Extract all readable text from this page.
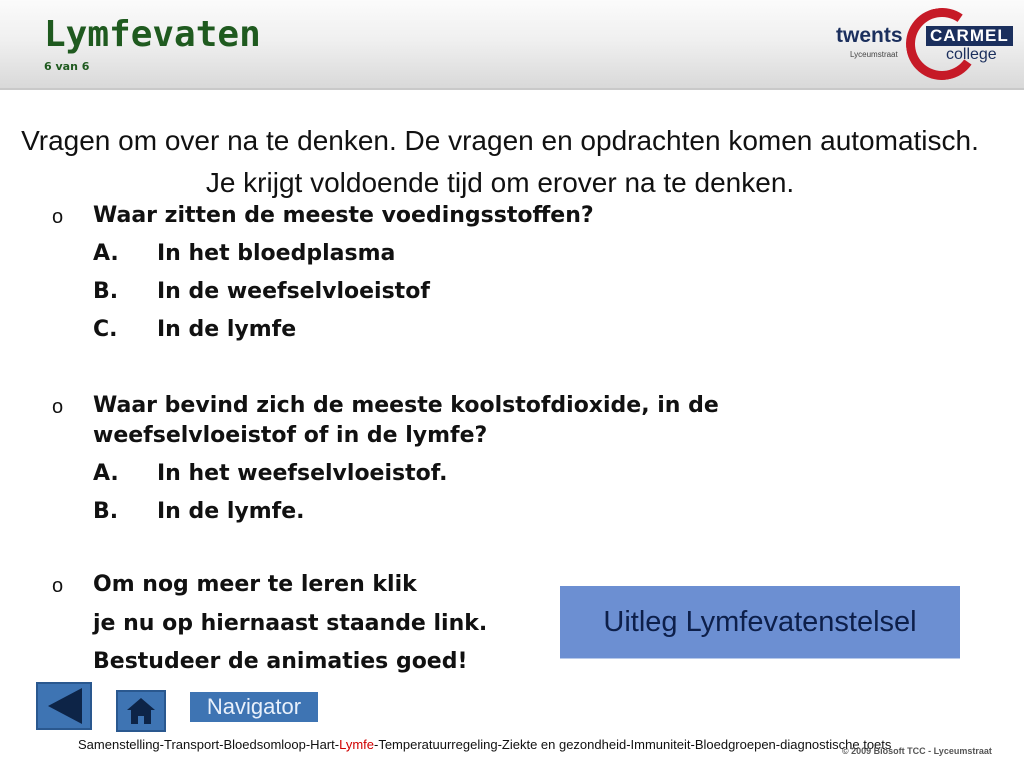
Lymfevaten
6 van 6
twents CARMEL
college
Lyceumstraat
Vragen om over na te denken. De vragen en opdrachten komen automatisch. Je krijgt voldoende tijd om erover na te denken.
o Waar zitten de meeste voedingsstoffen?
A. In het bloedplasma
B. In de weefselvloeistof
C. In de lymfe
o Waar bevind zich de meeste koolstofdioxide, in de
weefselvloeistof of in de lymfe?
A. In het weefselvloeistof.
B. In de lymfe.
o Om nog meer te leren klik
je nu op hiernaast staande link.
Bestudeer de animaties goed!
Uitleg Lymfevatenstelsel
Navigator
Samenstelling-Transport-Bloedsomloop-Hart-Lymfe-Temperatuurregeling-Ziekte en gezondheid-Immuniteit-Bloedgroepen-diagnostische toets
© 2009 Biosoft TCC - Lyceumstraat
